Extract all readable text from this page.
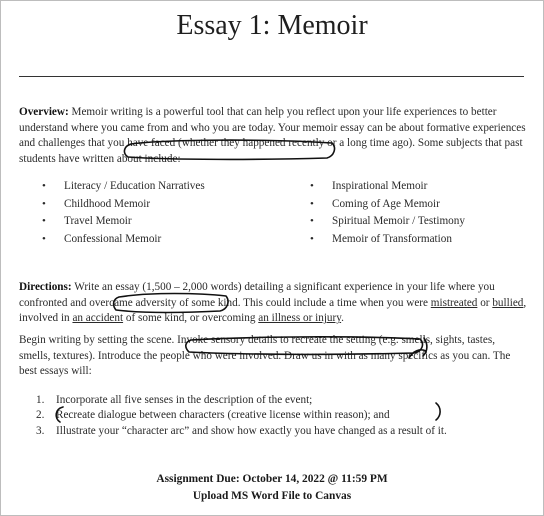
Essay 1: Memoir
Overview: Memoir writing is a powerful tool that can help you reflect upon your life experiences to better understand where you came from and who you are today. Your memoir essay can be about formative experiences and challenges that you have faced (whether they happened recently or a long time ago). Some subjects that past students have written about include:
• Literacy / Education Narratives
• Childhood Memoir
• Travel Memoir
• Confessional Memoir
• Inspirational Memoir
• Coming of Age Memoir
• Spiritual Memoir / Testimony
• Memoir of Transformation
Directions: Write an essay (1,500 – 2,000 words) detailing a significant experience in your life where you confronted and overcame adversity of some kind. This could include a time when you were mistreated or bullied, involved in an accident of some kind, or overcoming an illness or injury.
Begin writing by setting the scene. Invoke sensory details to recreate the setting (e.g. smells, sights, tastes, smells, textures). Introduce the people who were involved. Draw us in with as many specifics as you can. The best essays will:
1. Incorporate all five senses in the description of the event;
2. Recreate dialogue between characters (creative license within reason); and
3. Illustrate your “character arc” and show how exactly you have changed as a result of it.
Assignment Due: October 14, 2022 @ 11:59 PM
Upload MS Word File to Canvas
